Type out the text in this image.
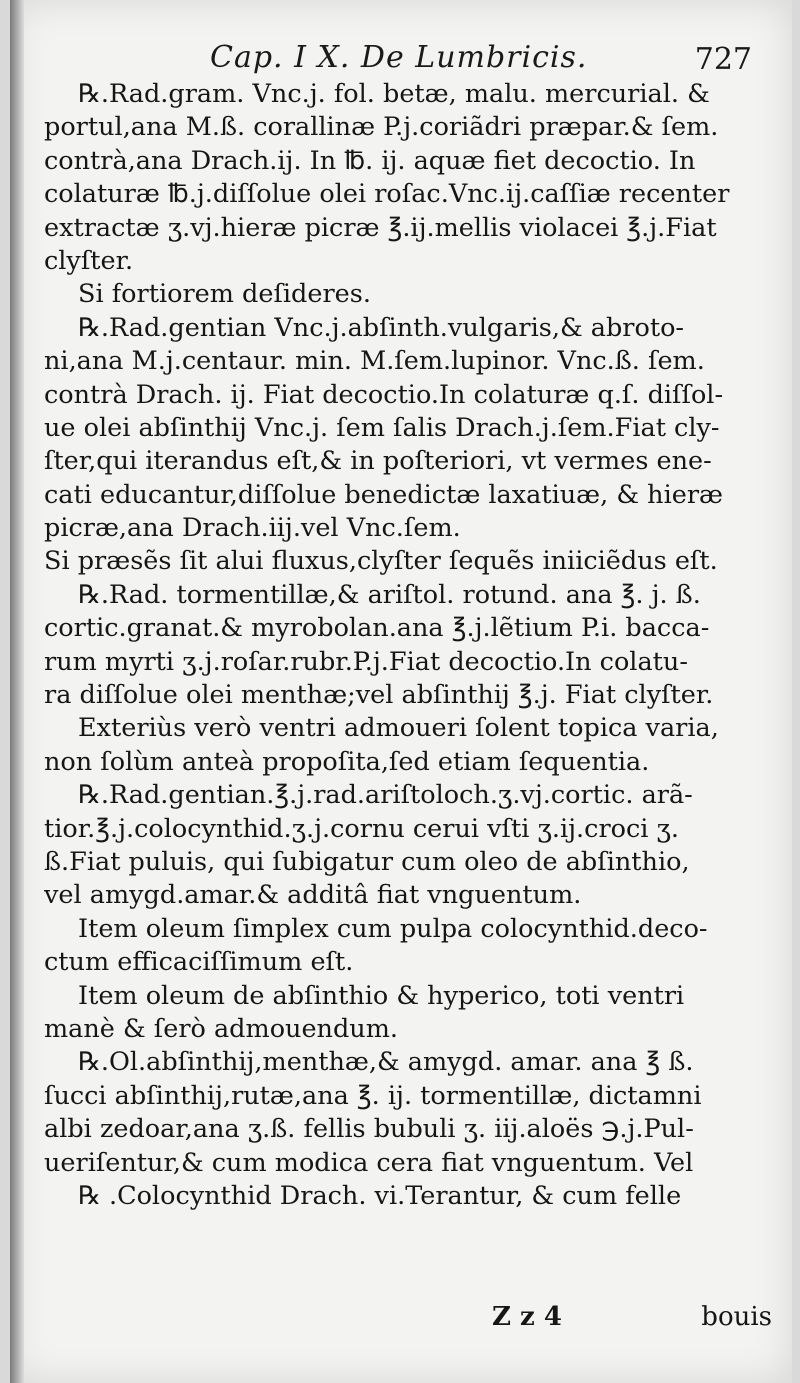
Cap. I X. De Lumbricis.	727
℞.Rad.gram. Vnc.j. fol. betæ, malu. mercurial. &
portul,ana M.ß. corallinæ P.j.coriãdri præpar.& ſem.
contrà,ana Drach.ij. In ℔. ij. aquæ fiet decoctio. In
colaturæ ℔.j.diſſolue olei roſac.Vnc.ij.caſſiæ recenter
extractæ ʒ.vj.hieræ picræ ℥.ij.mellis violacei ℥.j.Fiat
clyſter.
Si fortiorem deſideres.
℞.Rad.gentian Vnc.j.abſinth.vulgaris,& abroto-
ni,ana M.j.centaur. min. M.ſem.lupinor. Vnc.ß. ſem.
contrà Drach. ij. Fiat decoctio.In colaturæ q.ſ. diſſol-
ue olei abſinthij Vnc.j. ſem ſalis Drach.j.ſem.Fiat cly-
ſter,qui iterandus eſt,& in poſteriori, vt vermes ene-
cati educantur,diſſolue benedictæ laxatiuæ, & hieræ
picræ,ana Drach.iij.vel Vnc.ſem.
Si præsẽs ſit alui fluxus,clyſter ſequẽs iniiciẽdus eſt.
℞.Rad. tormentillæ,& ariſtol. rotund. ana ℥. j. ß.
cortic.granat.& myrobolan.ana ℥.j.lẽtium P.i. bacca-
rum myrti ʒ.j.roſar.rubr.P.j.Fiat decoctio.In colatu-
ra diſſolue olei menthæ;vel abſinthij ℥.j. Fiat clyſter.
Exteriùs verò ventri admoueri ſolent topica varia,
non ſolùm anteà propoſita,ſed etiam ſequentia.
℞.Rad.gentian.℥.j.rad.ariſtoloch.ʒ.vj.cortic. arã-
tior.℥.j.colocynthid.ʒ.j.cornu cerui vſti ʒ.ij.croci ʒ.
ß.Fiat puluis, qui ſubigatur cum oleo de abſinthio,
vel amygd.amar.& additâ fiat vnguentum.
Item oleum ſimplex cum pulpa colocynthid.deco-
ctum efficaciſſimum eſt.
Item oleum de abſinthio & hyperico, toti ventri
manè & ſerò admouendum.
℞.Ol.abſinthij,menthæ,& amygd. amar. ana ℥ ß.
ſucci abſinthij,rutæ,ana ℥. ij. tormentillæ, dictamni
albi zedoar,ana ʒ.ß. fellis bubuli ʒ. iij.aloës ℈.j.Pul-
ueriſentur,& cum modica cera fiat vnguentum. Vel
℞ .Colocynthid Drach. vi.Terantur, & cum felle
Z z 4	bouis
